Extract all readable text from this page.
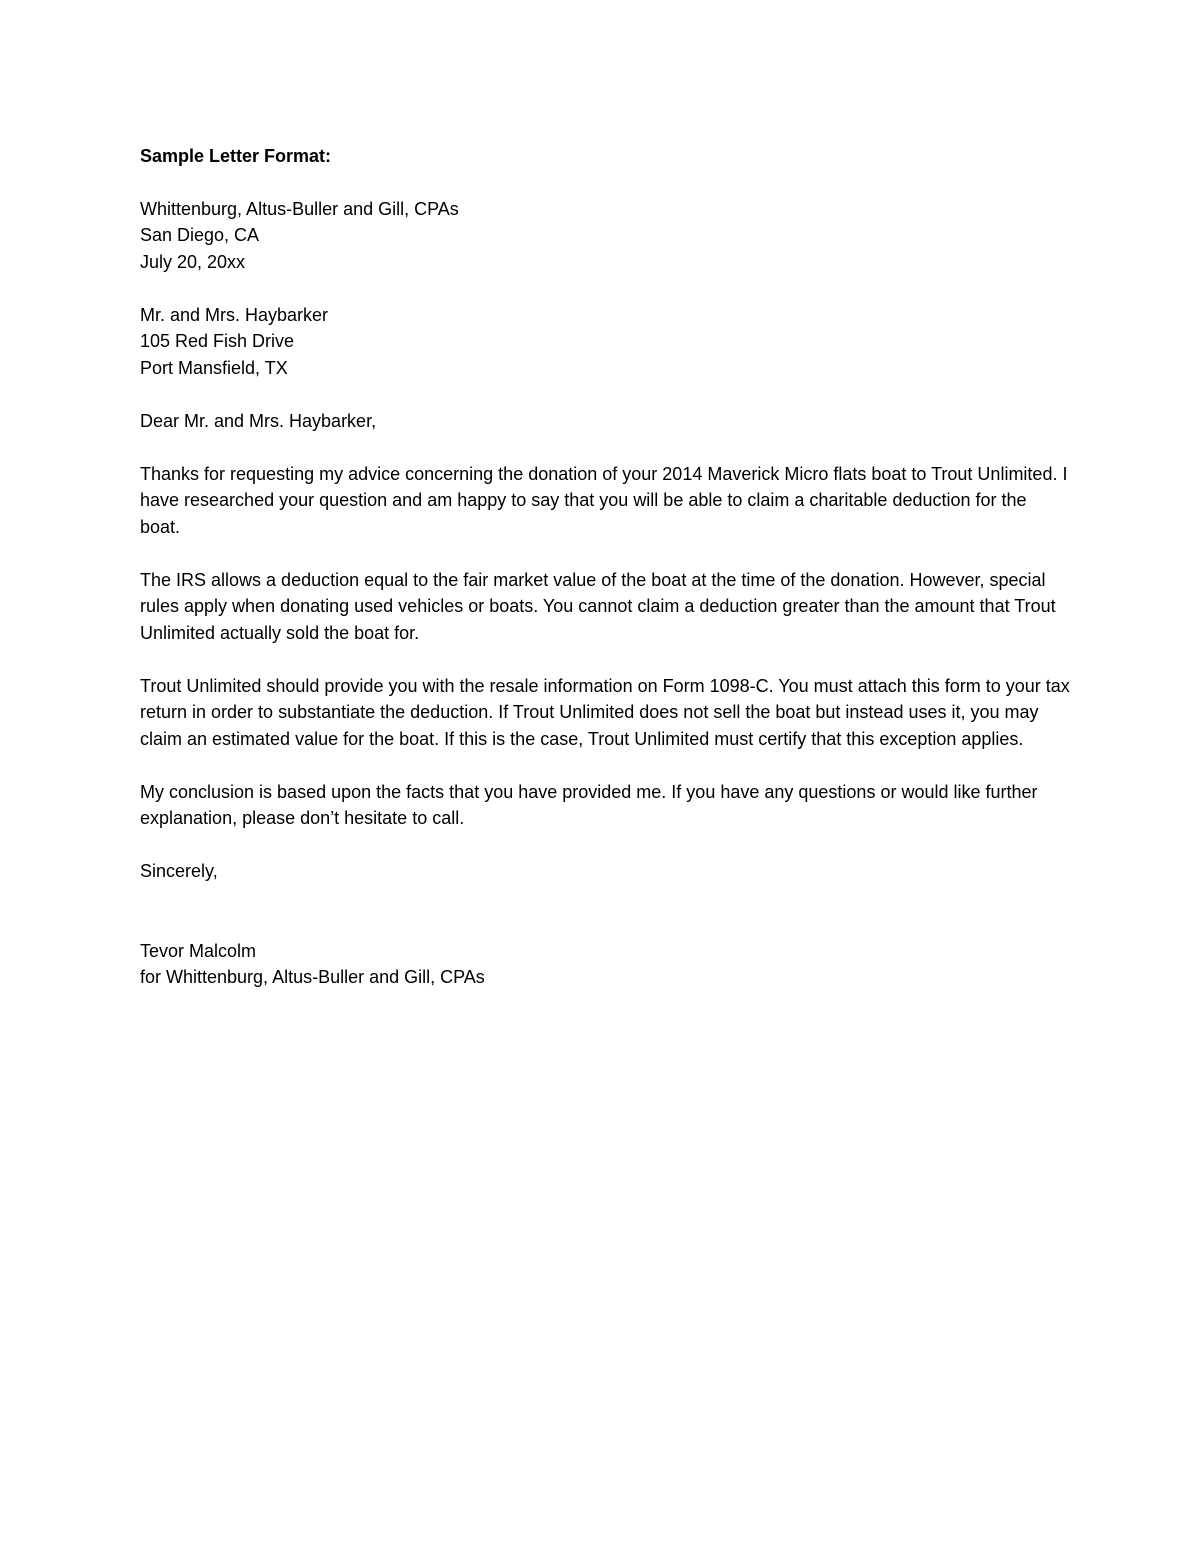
Sample Letter Format:
Whittenburg, Altus-Buller and Gill, CPAs
San Diego, CA
July 20, 20xx
Mr. and Mrs. Haybarker
105 Red Fish Drive
Port Mansfield, TX
Dear Mr. and Mrs. Haybarker,
Thanks for requesting my advice concerning the donation of your 2014 Maverick Micro flats boat to Trout Unlimited. I have researched your question and am happy to say that you will be able to claim a charitable deduction for the boat.
The IRS allows a deduction equal to the fair market value of the boat at the time of the donation. However, special rules apply when donating used vehicles or boats. You cannot claim a deduction greater than the amount that Trout Unlimited actually sold the boat for.
Trout Unlimited should provide you with the resale information on Form 1098-C. You must attach this form to your tax return in order to substantiate the deduction. If Trout Unlimited does not sell the boat but instead uses it, you may claim an estimated value for the boat. If this is the case, Trout Unlimited must certify that this exception applies.
My conclusion is based upon the facts that you have provided me. If you have any questions or would like further explanation, please don’t hesitate to call.
Sincerely,
Tevor Malcolm
for Whittenburg, Altus-Buller and Gill, CPAs
